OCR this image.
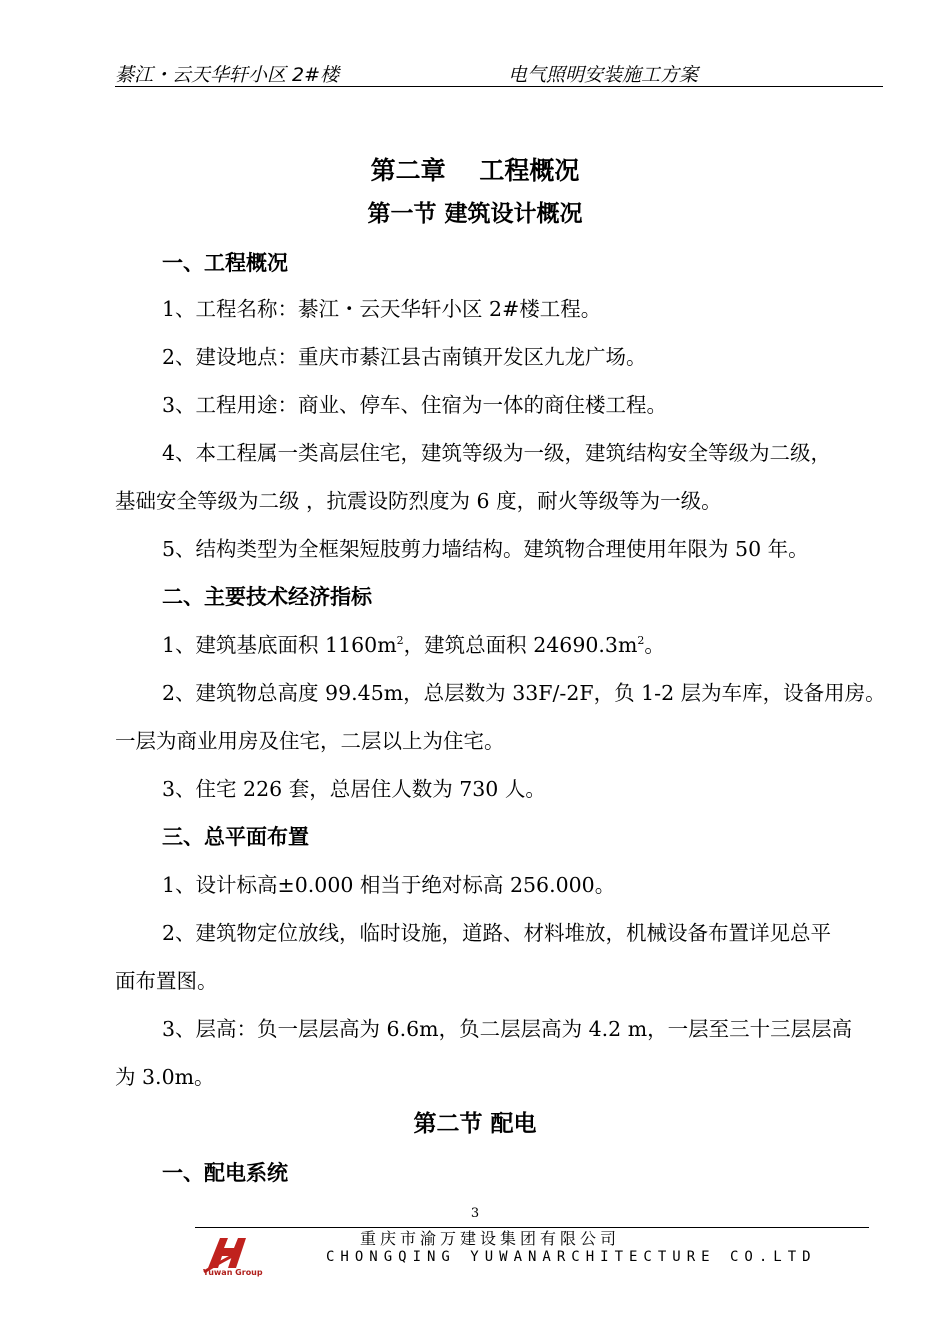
綦江・云天华轩小区 2#楼	电气照明安装施工方案
第二章　 工程概况
第一节 建筑设计概况
一、工程概况
1、工程名称：綦江・云天华轩小区 2#楼工程。
2、建设地点：重庆市綦江县古南镇开发区九龙广场。
3、工程用途：商业、停车、住宿为一体的商住楼工程。
4、本工程属一类高层住宅，建筑等级为一级，建筑结构安全等级为二级，
基础安全等级为二级 ，抗震设防烈度为 6 度，耐火等级等为一级。
5、结构类型为全框架短肢剪力墙结构。建筑物合理使用年限为 50 年。
二、主要技术经济指标
1、建筑基底面积 $1160m^2$，建筑总面积 $24690.3m^2$。
2、建筑物总高度 99.45m，总层数为 33F/-2F，负 1-2 层为车库，设备用房。
一层为商业用房及住宅，二层以上为住宅。
3、住宅 226 套，总居住人数为 730 人。
三、总平面布置
1、设计标高±0.000 相当于绝对标高 256.000。
2、建筑物定位放线，临时设施，道路、材料堆放，机械设备布置详见总平
面布置图。
3、层高：负一层层高为 6.6m，负二层层高为 4.2 m，一层至三十三层层高
为 3.0m。
第二节 配电
一、配电系统
3
Yuwan Group
重庆市渝万建设集团有限公司
CHONGQING YUWANARCHITECTURE CO.LTD
